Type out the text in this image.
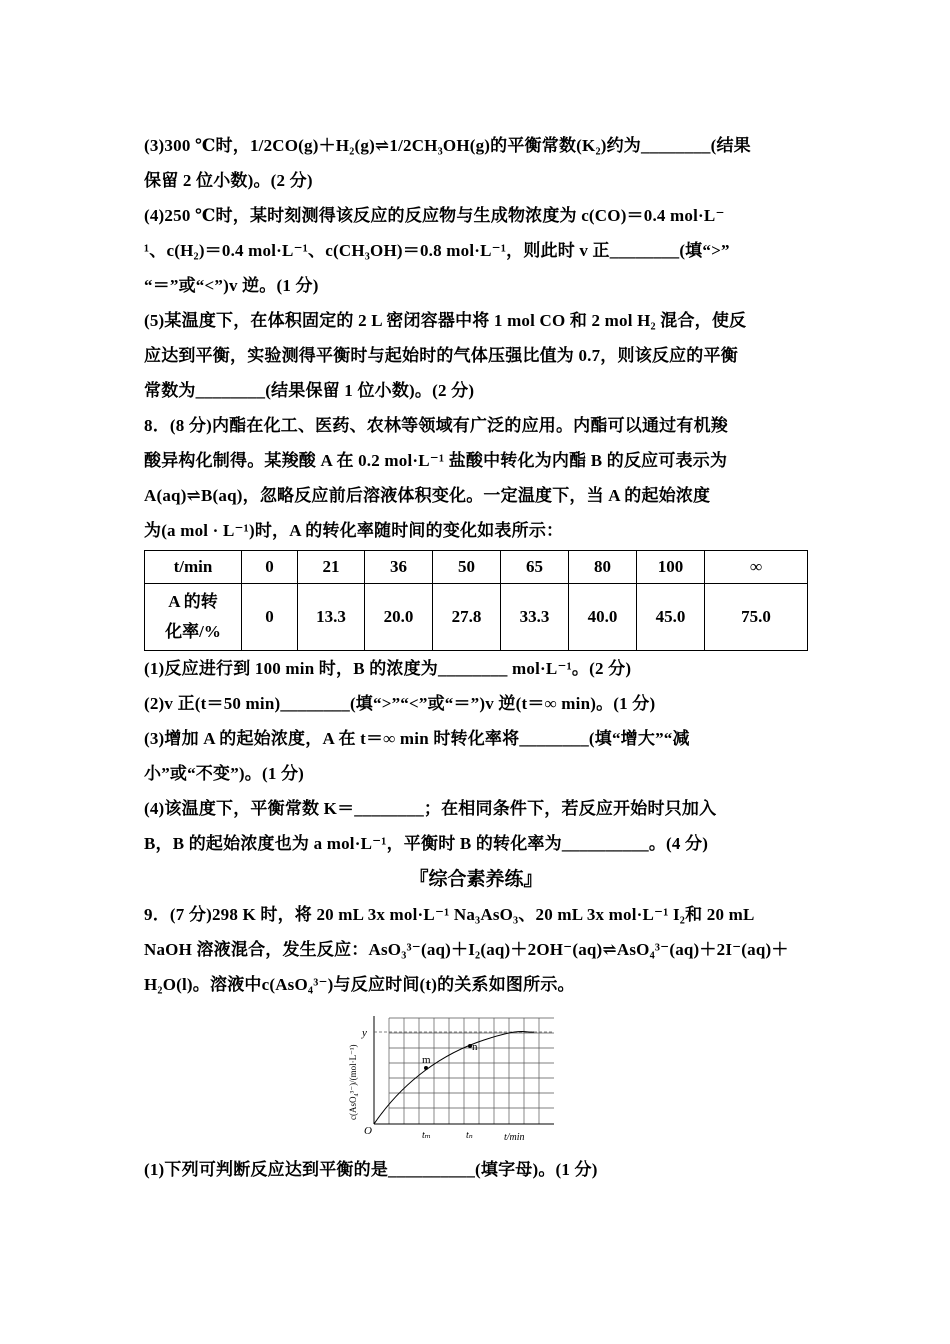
(3)300 ℃时，1/2CO(g)＋H₂(g)⇌1/2CH₃OH(g)的平衡常数(K₂)约为________(结果

保留 2 位小数)。(2 分)

(4)250 ℃时，某时刻测得该反应的反应物与生成物浓度为 c(CO)＝0.4 mol·L⁻

¹、c(H₂)＝0.4 mol·L⁻¹、c(CH₃OH)＝0.8 mol·L⁻¹，则此时 v 正________(填“>”

“＝”或“<”)v 逆。(1 分)

(5)某温度下，在体积固定的 2 L 密闭容器中将 1 mol CO 和 2 mol H₂ 混合，使反

应达到平衡，实验测得平衡时与起始时的气体压强比值为 0.7，则该反应的平衡

常数为________(结果保留 1 位小数)。(2 分)

8．(8 分)内酯在化工、医药、农林等领域有广泛的应用。内酯可以通过有机羧

酸异构化制得。某羧酸 A 在 0.2 mol·L⁻¹ 盐酸中转化为内酯 B 的反应可表示为

A(aq)⇌B(aq)，忽略反应前后溶液体积变化。一定温度下，当 A 的起始浓度

为(a mol · L⁻¹)时，A 的转化率随时间的变化如表所示：

t/min	0	21	36	50	65	80	100	∞
A 的转
化率/%	0	13.3	20.0	27.8	33.3	40.0	45.0	75.0

(1)反应进行到 100 min 时，B 的浓度为________ mol·L⁻¹。(2 分)

(2)v 正(t＝50 min)________(填“>”“<”或“＝”)v 逆(t＝∞ min)。(1 分)

(3)增加 A 的起始浓度，A 在 t＝∞ min 时转化率将________(填“增大”“减

小”或“不变”)。(1 分)

(4)该温度下，平衡常数 K＝________；在相同条件下，若反应开始时只加入

B，B 的起始浓度也为 a mol·L⁻¹，平衡时 B 的转化率为__________。(4 分)

『综合素养练』

9．(7 分)298 K 时，将 20 mL 3x mol·L⁻¹ Na₃AsO₃、20 mL 3x mol·L⁻¹ I₂和 20 mL

NaOH 溶液混合，发生反应：AsO₃³⁻(aq)＋I₂(aq)＋2OH⁻(aq)⇌AsO₄³⁻(aq)＋2I⁻(aq)＋

H₂O(l)。溶液中c(AsO₄³⁻)与反应时间(t)的关系如图所示。

m
n
y
O	tₘ	tₙ	t/min
c(AsO₄³⁻)/(mol·L⁻¹)

(1)下列可判断反应达到平衡的是__________(填字母)。(1 分)
